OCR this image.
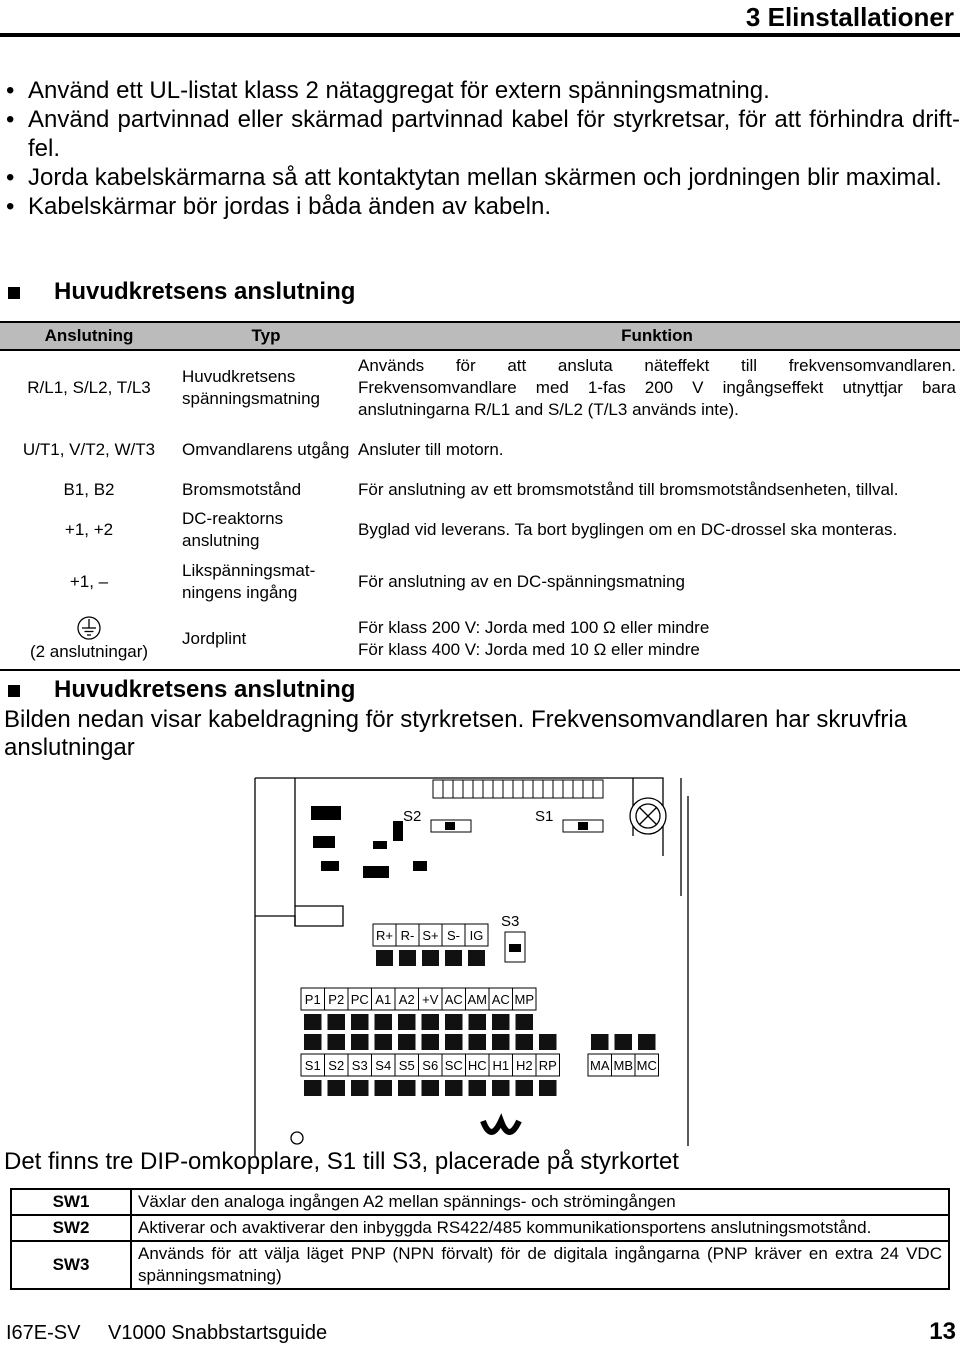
3 Elinstallationer
• Använd ett UL-listat klass 2 nätaggregat för extern spänningsmatning.
• Använd partvinnad eller skärmad partvinnad kabel för styrkretsar, för att förhindra drift-fel.
• Jorda kabelskärmarna så att kontaktytan mellan skärmen och jordningen blir maximal.
• Kabelskärmar bör jordas i båda änden av kabeln.
Huvudkretsens anslutning
Anslutning	Typ	Funktion
R/L1, S/L2, T/L3	Huvudkretsens spänningsmatning	Används för att ansluta näteffekt till frekvensomvandlaren. Frekvensomvandlare med 1-fas 200 V ingångseffekt utnyttjar bara anslutningarna R/L1 and S/L2 (T/L3 används inte).
U/T1, V/T2, W/T3	Omvandlarens utgång	Ansluter till motorn.
B1, B2	Bromsmotstånd	För anslutning av ett bromsmotstånd till bromsmotståndsenheten, tillval.
+1, +2	DC-reaktorns anslutning	Byglad vid leverans. Ta bort byglingen om en DC-drossel ska monteras.
+1, –	Likspänningsmat-ningens ingång	För anslutning av en DC-spänningsmatning

(2 anslutningar)	Jordplint	För klass 200 V: Jorda med 100 Ω eller mindre
För klass 400 V: Jorda med 10 Ω eller mindre
Huvudkretsens anslutning
Bilden nedan visar kabeldragning för styrkretsen. Frekvensomvandlaren har skruvfria anslutningar
S2	S1
S3
R+ R- S+ S- IG
P1 P2 PC A1 A2 +V AC AM AC MP
S1 S2 S3 S4 S5 S6 SC HC H1 H2 RP	MA MB MC
Det finns tre DIP-omkopplare, S1 till S3, placerade på styrkortet
SW1	Växlar den analoga ingången A2 mellan spännings- och strömingången
SW2	Aktiverar och avaktiverar den inbyggda RS422/485 kommunikationsportens anslutningsmotstånd.
SW3	Används för att välja läget PNP (NPN förvalt) för de digitala ingångarna (PNP kräver en extra 24 VDC spänningsmatning)
I67E-SV V1000 Snabbstartsguide	13
